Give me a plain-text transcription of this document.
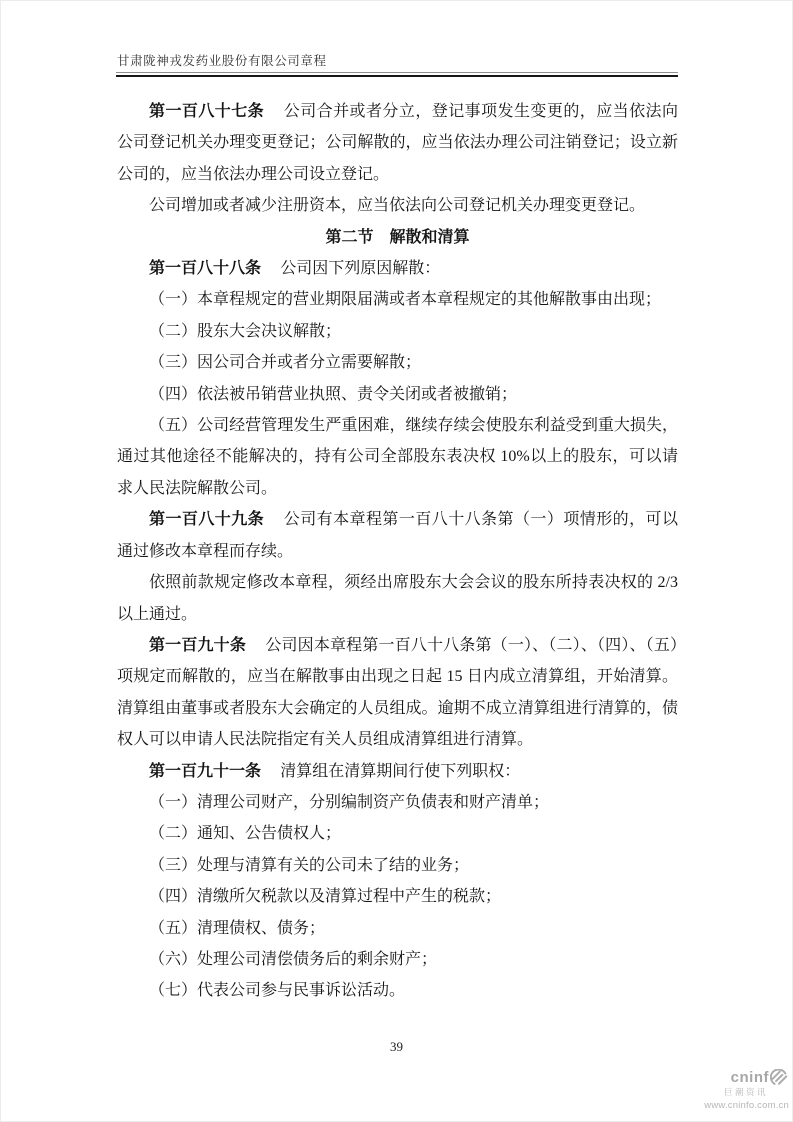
甘肃陇神戎发药业股份有限公司章程

第一百八十七条　公司合并或者分立，登记事项发生变更的，应当依法向公司登记机关办理变更登记；公司解散的，应当依法办理公司注销登记；设立新公司的，应当依法办理公司设立登记。

公司增加或者减少注册资本，应当依法向公司登记机关办理变更登记。

第二节　解散和清算

第一百八十八条　公司因下列原因解散：

（一）本章程规定的营业期限届满或者本章程规定的其他解散事由出现；

（二）股东大会决议解散；

（三）因公司合并或者分立需要解散；

（四）依法被吊销营业执照、责令关闭或者被撤销；

（五）公司经营管理发生严重困难，继续存续会使股东利益受到重大损失，通过其他途径不能解决的，持有公司全部股东表决权 10%以上的股东，可以请求人民法院解散公司。

第一百八十九条　公司有本章程第一百八十八条第（一）项情形的，可以通过修改本章程而存续。

依照前款规定修改本章程，须经出席股东大会会议的股东所持表决权的 2/3 以上通过。

第一百九十条　公司因本章程第一百八十八条第（一）、（二）、（四）、（五）项规定而解散的，应当在解散事由出现之日起 15 日内成立清算组，开始清算。清算组由董事或者股东大会确定的人员组成。逾期不成立清算组进行清算的，债权人可以申请人民法院指定有关人员组成清算组进行清算。

第一百九十一条　清算组在清算期间行使下列职权：

（一）清理公司财产，分别编制资产负债表和财产清单；

（二）通知、公告债权人；

（三）处理与清算有关的公司未了结的业务；

（四）清缴所欠税款以及清算过程中产生的税款；

（五）清理债权、债务；

（六）处理公司清偿债务后的剩余财产；

（七）代表公司参与民事诉讼活动。

39
cninf
巨潮资讯
www.cninfo.com.cn
